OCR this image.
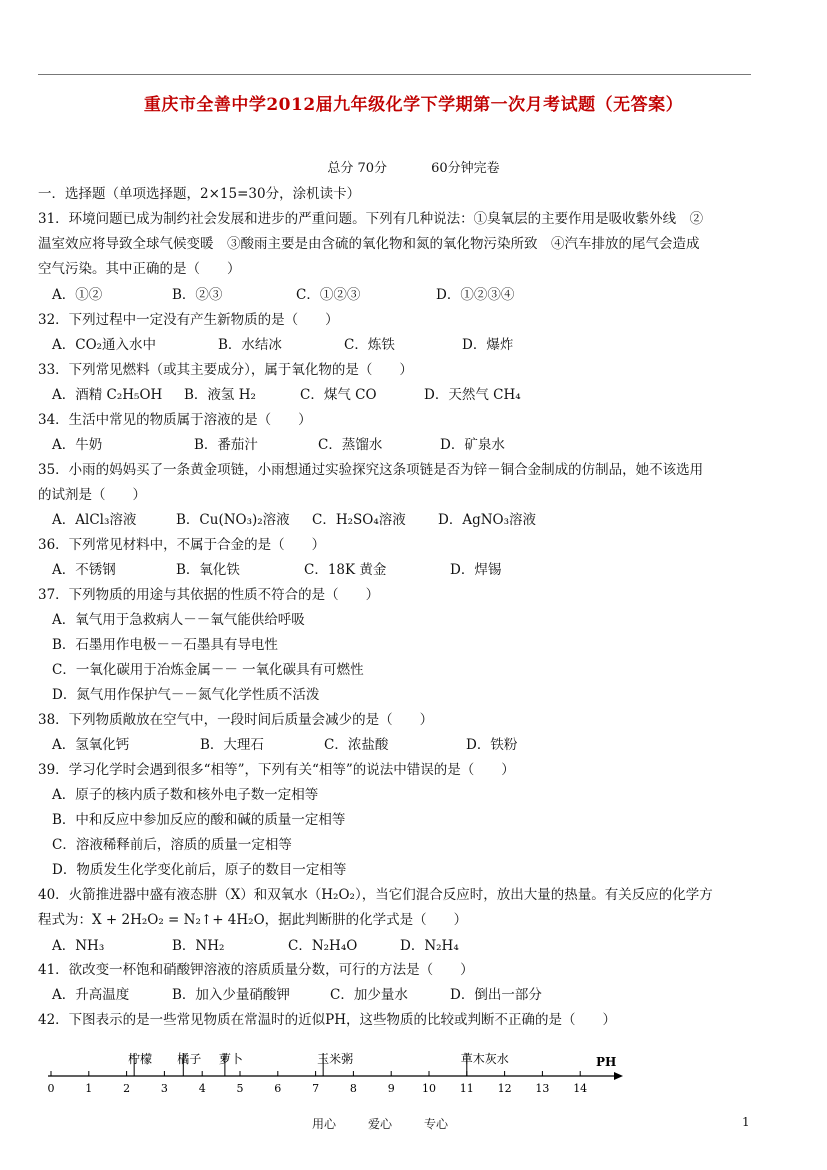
重庆市全善中学2012届九年级化学下学期第一次月考试题（无答案）
总分 70分	60分钟完卷
一．选择题（单项选择题，2×15=30分，涂机读卡）
31．环境问题已成为制约社会发展和进步的严重问题。下列有几种说法：①臭氧层的主要作用是吸收紫外线　②
温室效应将导致全球气候变暖　③酸雨主要是由含硫的氧化物和氮的氧化物污染所致　④汽车排放的尾气会造成
空气污染。其中正确的是（　　）
A．①②	B．②③	C．①②③	D．①②③④
32．下列过程中一定没有产生新物质的是（　　）
A．CO₂通入水中	B．水结冰	C．炼铁	D．爆炸
33．下列常见燃料（或其主要成分），属于氧化物的是（　　）
A．酒精 C₂H₅OH B．液氢 H₂	C．煤气 CO	D．天然气 CH₄
34．生活中常见的物质属于溶液的是（　　）
A．牛奶	B．番茄汁	C．蒸馏水	D．矿泉水
35．小雨的妈妈买了一条黄金项链，小雨想通过实验探究这条项链是否为锌－铜合金制成的仿制品，她不该选用
的试剂是（　　）
A．AlCl₃溶液	B．Cu(NO₃)₂溶液 C．H₂SO₄溶液 D．AgNO₃溶液
36．下列常见材料中，不属于合金的是（　　）
A．不锈钢	B．氧化铁	C．18K 黄金	D．焊锡
37．下列物质的用途与其依据的性质不符合的是（　　）
A．氧气用于急救病人－－氧气能供给呼吸
B．石墨用作电极－－石墨具有导电性
C．一氧化碳用于冶炼金属－－ 一氧化碳具有可燃性
D．氮气用作保护气－－氮气化学性质不活泼
38．下列物质敞放在空气中，一段时间后质量会减少的是（　　）
A．氢氧化钙	B．大理石	C．浓盐酸	D．铁粉
39．学习化学时会遇到很多“相等”，下列有关“相等”的说法中错误的是（　　）
A．原子的核内质子数和核外电子数一定相等
B．中和反应中参加反应的酸和碱的质量一定相等
C．溶液稀释前后，溶质的质量一定相等
D．物质发生化学变化前后，原子的数目一定相等
40．火箭推进器中盛有液态肼（X）和双氧水（H₂O₂），当它们混合反应时，放出大量的热量。有关反应的化学方
程式为：X + 2H₂O₂ = N₂↑+ 4H₂O，据此判断肼的化学式是（　　）
A．NH₃	B．NH₂	C．N₂H₄O	D．N₂H₄
41．欲改变一杯饱和硝酸钾溶液的溶质质量分数，可行的方法是（　　）
A．升高温度	B．加入少量硝酸钾	C．加少量水	D．倒出一部分
42．下图表示的是一些常见物质在常温时的近似PH，这些物质的比较或判断不正确的是（　　）
PH
0	1	2	3	4	5	6	7	8	9 10 11 12 13 14
柠檬 橘子 萝卜	玉米粥	草木灰水
用心	爱心	专心	1
